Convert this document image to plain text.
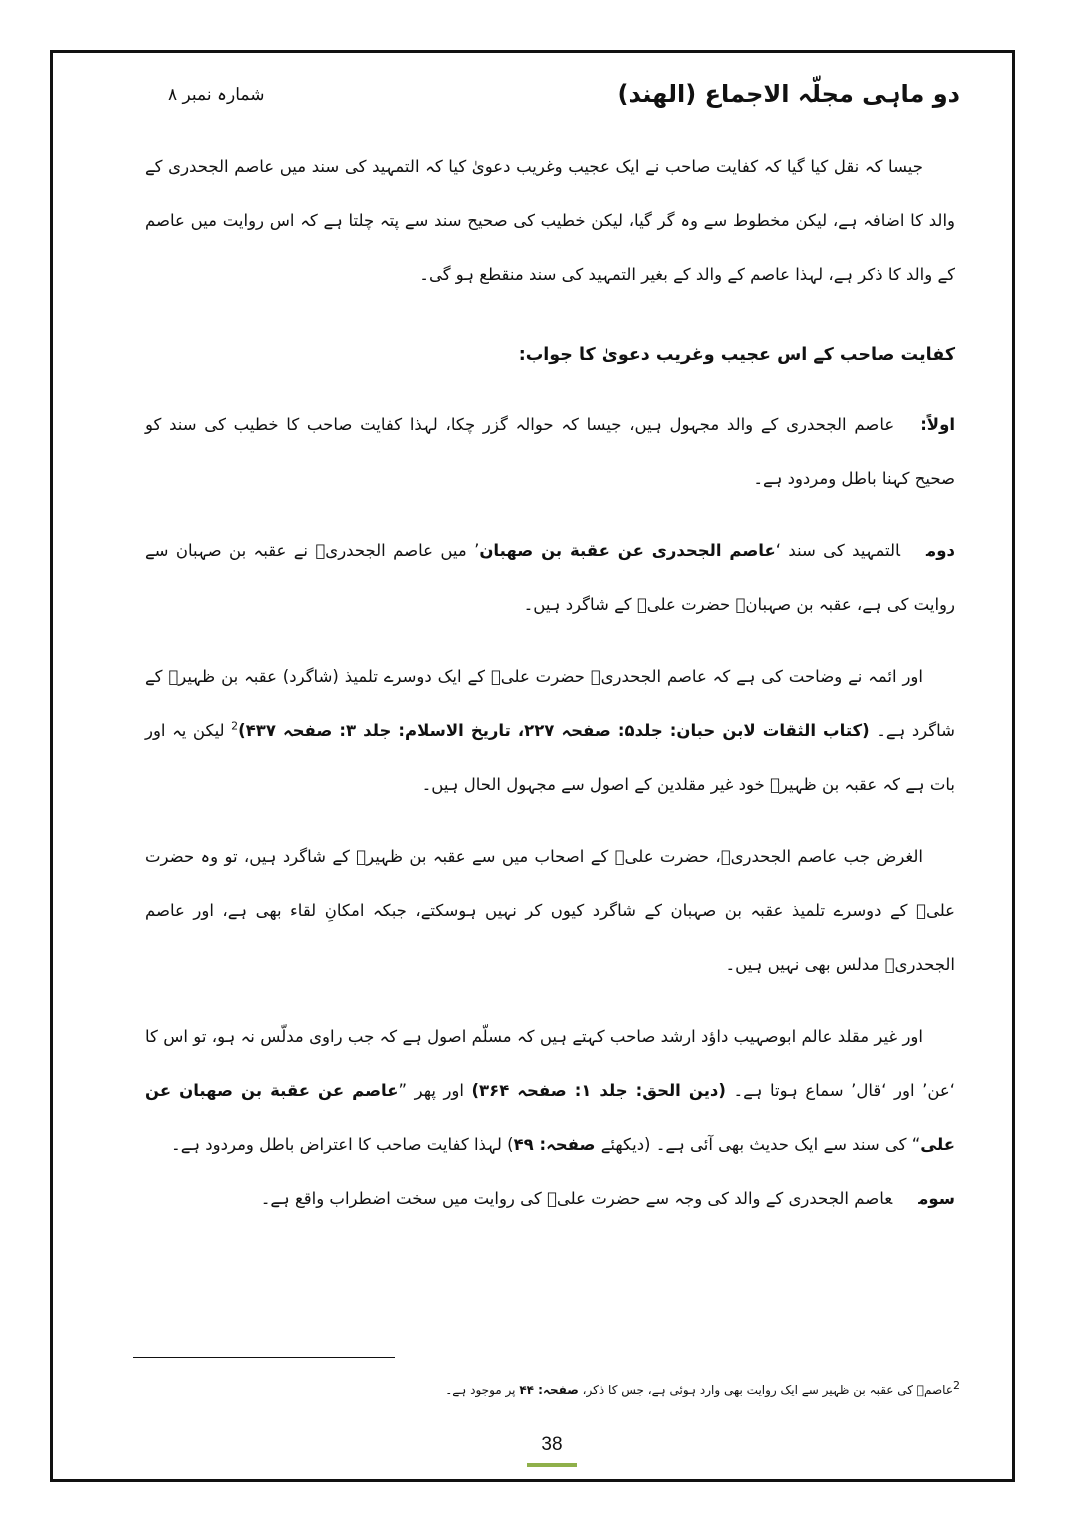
دو ماہی مجلّہ الاجماع (الھند)
شمارہ نمبر ۸

جیسا کہ نقل کیا گیا کہ کفایت صاحب نے ایک عجیب وغریب دعویٰ کیا کہ التمہید کی سند میں عاصم الجحدری کے والد کا اضافہ ہے، لیکن مخطوط سے وہ گر گیا، لیکن خطیب کی صحیح سند سے پتہ چلتا ہے کہ اس روایت میں عاصم کے والد کا ذکر ہے، لہذا عاصم کے والد کے بغیر التمہید کی سند منقطع ہو گی۔

کفایت صاحب کے اس عجیب وغریب دعویٰ کا جواب:

اولاً:عاصم الجحدری کے والد مجہول ہیں، جیسا کہ حوالہ گزر چکا، لہذا کفایت صاحب کا خطیب کی سند کو صحیح کہنا باطل ومردود ہے۔

دومالتمہید کی سند ‘عاصم الجحدری عن عقبة بن صهبان’ میں عاصم الجحدریؒ نے عقبہ بن صہبان سے روایت کی ہے، عقبہ بن صہبانؒ حضرت علیؓ کے شاگرد ہیں۔

اور ائمہ نے وضاحت کی ہے کہ عاصم الجحدریؒ حضرت علیؓ کے ایک دوسرے تلمیذ (شاگرد) عقبہ بن ظہیرؒ کے شاگرد ہے۔ (کتاب الثقات لابن حبان: جلد۵: صفحہ ۲۲۷، تاریخ الاسلام: جلد ۳: صفحہ ۴۳۷)$^2$ لیکن یہ اور بات ہے کہ عقبہ بن ظہیرؒ خود غیر مقلدین کے اصول سے مجہول الحال ہیں۔

الغرض جب عاصم الجحدریؒ، حضرت علیؓ کے اصحاب میں سے عقبہ بن ظہیرؒ کے شاگرد ہیں، تو وہ حضرت علیؓ کے دوسرے تلمیذ عقبہ بن صہبان کے شاگرد کیوں کر نہیں ہوسکتے، جبکہ امکانِ لقاء بھی ہے، اور عاصم الجحدریؒ مدلس بھی نہیں ہیں۔

اور غیر مقلد عالم ابوصہیب داؤد ارشد صاحب کہتے ہیں کہ مسلّم اصول ہے کہ جب راوی مدلّس نہ ہو، تو اس کا ‘عن’ اور ‘قال’ سماع ہوتا ہے۔ (دین الحق: جلد ۱: صفحہ ۳۶۴) اور پھر ”عاصم عن عقبة بن صهبان عن علی“ کی سند سے ایک حدیث بھی آئی ہے۔ (دیکھئے صفحہ: ۴۹) لہذا کفایت صاحب کا اعتراض باطل ومردود ہے۔

سومعاصم الجحدری کے والد کی وجہ سے حضرت علیؓ کی روایت میں سخت اضطراب واقع ہے۔

$^2$عاصمؒ کی عقبہ بن ظہیر سے ایک روایت بھی وارد ہوئی ہے، جس کا ذکر، صفحہ: ۴۴ پر موجود ہے۔
38
